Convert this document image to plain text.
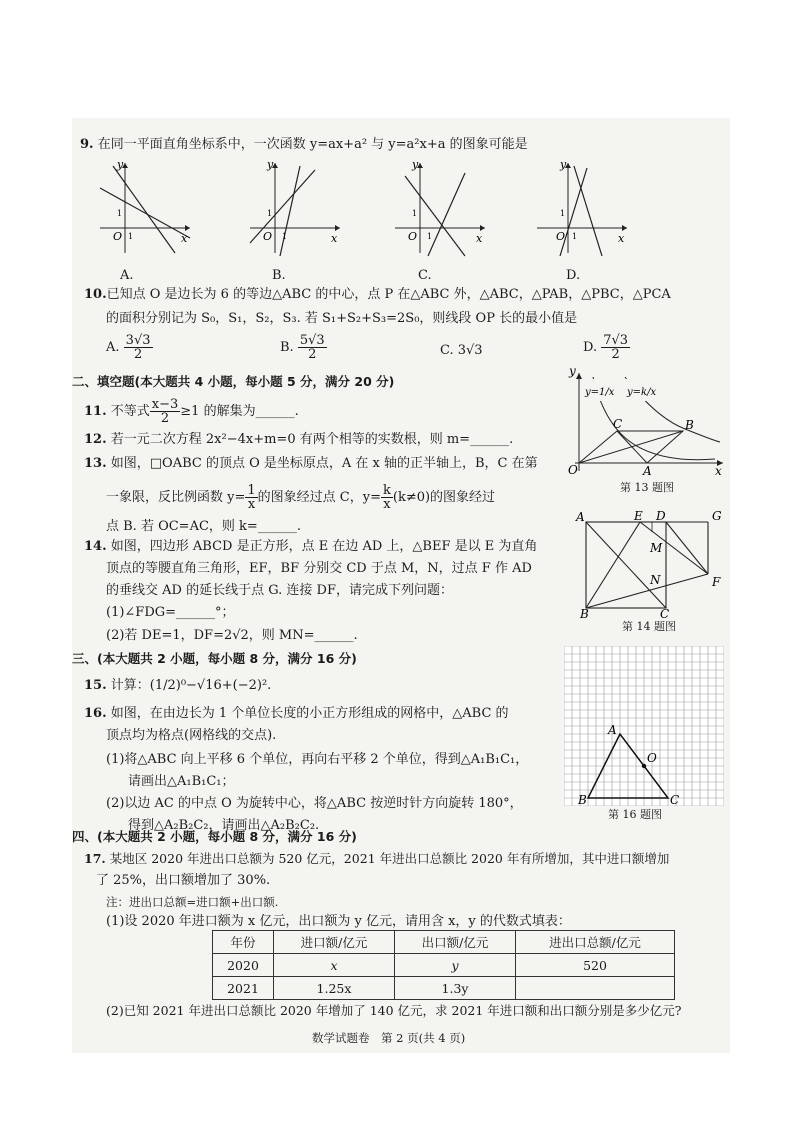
9. 在同一平面直角坐标系中，一次函数 y=ax+a² 与 y=a²x+a 的图象可能是
y
x
O 1
1
y
x
O 1
1
y
x
O 1
1
y
x
O 1
1
A.	B.	C.	D.
10.已知点 O 是边长为 6 的等边△ABC 的中心，点 P 在△ABC 外，△ABC，△PAB，△PBC，△PCA
的面积分别记为 S₀，S₁，S₂，S₃. 若 S₁+S₂+S₃=2S₀，则线段 OP 长的最小值是
A. $\frac{3√3}{2}$	B. $\frac{5√3}{2}$	C. 3√3	D. $\frac{7√3}{2}$
二、填空题(本大题共 4 小题，每小题 5 分，满分 20 分)
11. 不等式 $\frac{x-3}{2} \ge 1$ 的解集为______.
12. 若一元二次方程 2x²−4x+m=0 有两个相等的实数根，则 m=______.
13. 如图，□OABC 的顶点 O 是坐标原点，A 在 x 轴的正半轴上，B，C 在第
一象限，反比例函数 $y= \frac{1}{x}$ 的图象经过点 C，$y= \frac{k}{x} (k\ne 0)$的图象经过
点 B. 若 OC=AC，则 k=______.
y=1/x y=k/x
y
x
O	A
B
C
第 13 题图
14. 如图，四边形 ABCD 是正方形，点 E 在边 AD 上，△BEF 是以 E 为直角
顶点的等腰直角三角形，EF，BF 分别交 CD 于点 M，N，过点 F 作 AD
的垂线交 AD 的延长线于点 G. 连接 DF，请完成下列问题：
(1)∠FDG=______°；
(2)若 DE=1，DF=2√2，则 MN=______.
A	E D	G
M
N	F
B	C
第 14 题图
三、(本大题共 2 小题，每小题 8 分，满分 16 分)
15. 计算：(1/2)⁰−√16+(−2)².
16. 如图，在由边长为 1 个单位长度的小正方形组成的网格中，△ABC 的
顶点均为格点(网格线的交点).
(1)将△ABC 向上平移 6 个单位，再向右平移 2 个单位，得到△A₁B₁C₁，
请画出△A₁B₁C₁；
(2)以边 AC 的中点 O 为旋转中心，将△ABC 按逆时针方向旋转 180°，
得到△A₂B₂C₂，请画出△A₂B₂C₂.
A
O
B	C
第 16 题图
四、(本大题共 2 小题，每小题 8 分，满分 16 分)
17. 某地区 2020 年进出口总额为 520 亿元，2021 年进出口总额比 2020 年有所增加，其中进口额增加
了 25%，出口额增加了 30%.
注：进出口总额=进口额+出口额.
(1)设 2020 年进口额为 x 亿元，出口额为 y 亿元，请用含 x，y 的代数式填表：
年份	进口额/亿元	出口额/亿元	进出口总额/亿元
2020	x	y	520
2021	1.25x	1.3y	
(2)已知 2021 年进出口总额比 2020 年增加了 140 亿元，求 2021 年进口额和出口额分别是多少亿元?
数学试题卷　第 2 页(共 4 页)
